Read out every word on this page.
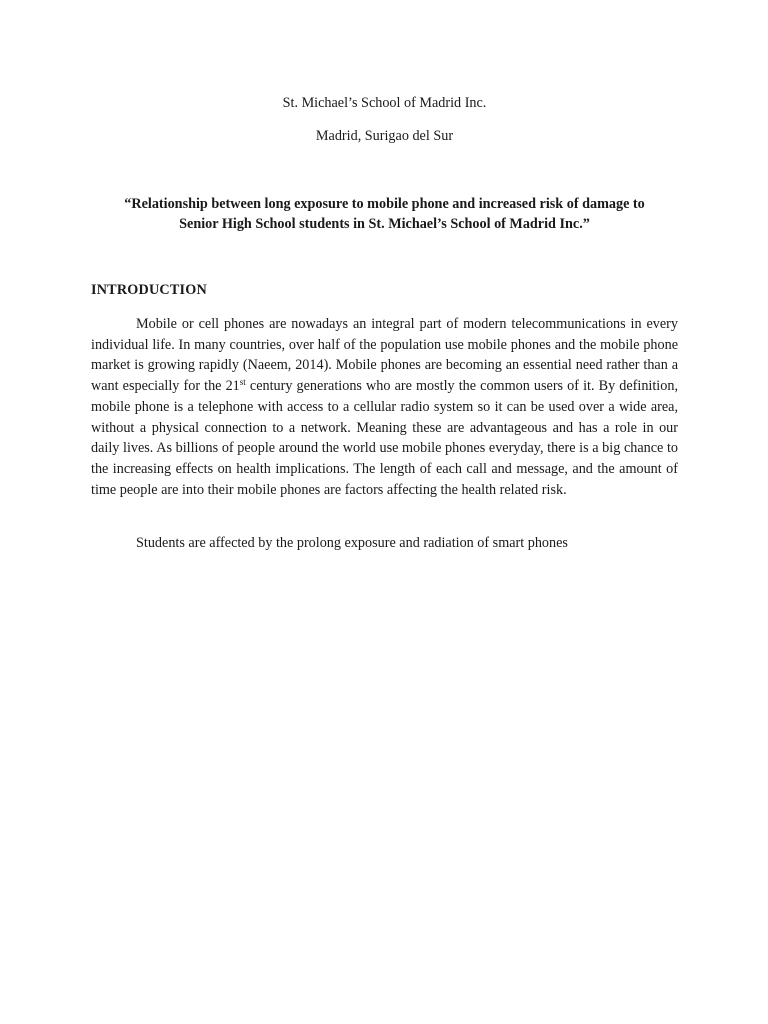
St. Michael’s School of Madrid Inc.

Madrid, Surigao del Sur

“Relationship between long exposure to mobile phone and increased risk of damage to
Senior High School students in St. Michael’s School of Madrid Inc.”

INTRODUCTION

Mobile or cell phones are nowadays an integral part of modern telecommunications in every individual life. In many countries, over half of the population use mobile phones and the mobile phone market is growing rapidly (Naeem, 2014). Mobile phones are becoming an essential need rather than a want especially for the 21st century generations who are mostly the common users of it. By definition, mobile phone is a telephone with access to a cellular radio system so it can be used over a wide area, without a physical connection to a network. Meaning these are advantageous and has a role in our daily lives. As billions of people around the world use mobile phones everyday, there is a big chance to the increasing effects on health implications. The length of each call and message, and the amount of time people are into their mobile phones are factors affecting the health related risk.

Students are affected by the prolong exposure and radiation of smart phones
